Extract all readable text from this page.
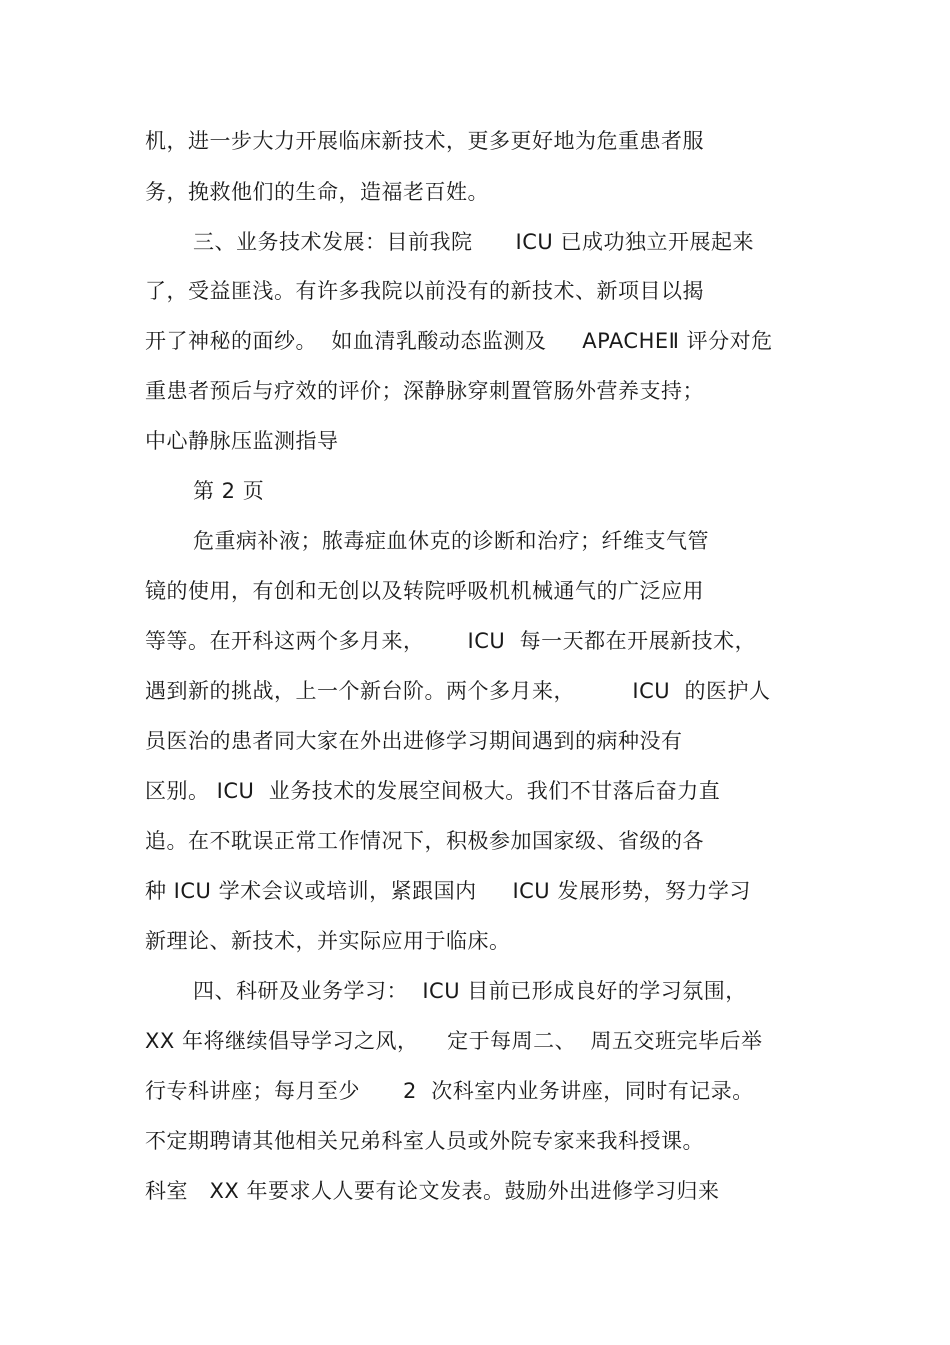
机，进一步大力开展临床新技术，更多更好地为危重患者服
务，挽救他们的生命，造福老百姓。
三、业务技术发展：目前我院      ICU 已成功独立开展起来
了，受益匪浅。有许多我院以前没有的新技术、新项目以揭
开了神秘的面纱。  如血清乳酸动态监测及     APACHEⅡ 评分对危
重患者预后与疗效的评价；深静脉穿刺置管肠外营养支持；
中心静脉压监测指导
第 2 页
危重病补液；脓毒症血休克的诊断和治疗；纤维支气管
镜的使用，有创和无创以及转院呼吸机机械通气的广泛应用
等等。在开科这两个多月来，      ICU  每一天都在开展新技术，
遇到新的挑战，上一个新台阶。两个多月来，        ICU  的医护人
员医治的患者同大家在外出进修学习期间遇到的病种没有
区别。 ICU  业务技术的发展空间极大。我们不甘落后奋力直
追。在不耽误正常工作情况下，积极参加国家级、省级的各
种 ICU 学术会议或培训，紧跟国内     ICU 发展形势，努力学习
新理论、新技术，并实际应用于临床。
四、科研及业务学习：  ICU 目前已形成良好的学习氛围，
XX 年将继续倡导学习之风，    定于每周二、  周五交班完毕后举
行专科讲座；每月至少      2  次科室内业务讲座，同时有记录。
不定期聘请其他相关兄弟科室人员或外院专家来我科授课。
科室   XX 年要求人人要有论文发表。鼓励外出进修学习归来
